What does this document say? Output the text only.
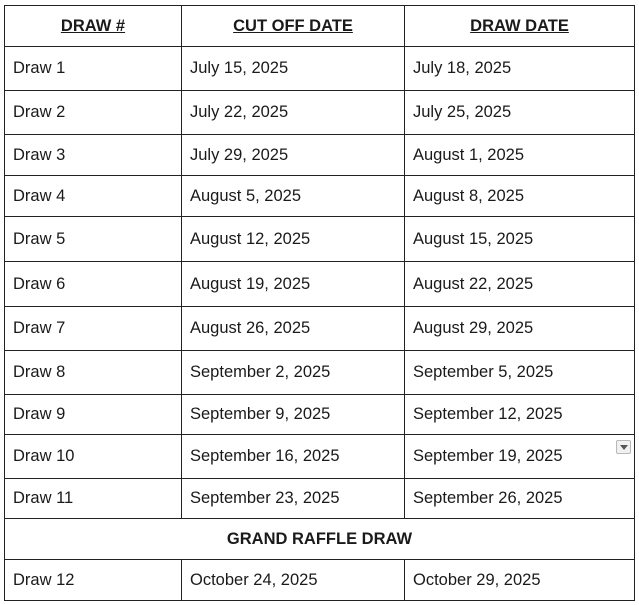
DRAW #	CUT OFF DATE	DRAW DATE
Draw 1	July 15, 2025	July 18, 2025
Draw 2	July 22, 2025	July 25, 2025
Draw 3	July 29, 2025	August 1, 2025
Draw 4	August 5, 2025	August 8, 2025
Draw 5	August 12, 2025	August 15, 2025
Draw 6	August 19, 2025	August 22, 2025
Draw 7	August 26, 2025	August 29, 2025
Draw 8	September 2, 2025	September 5, 2025
Draw 9	September 9, 2025	September 12, 2025
Draw 10	September 16, 2025	September 19, 2025

Draw 11	September 23, 2025	September 26, 2025
GRAND RAFFLE DRAW		
Draw 12	October 24, 2025	October 29, 2025
